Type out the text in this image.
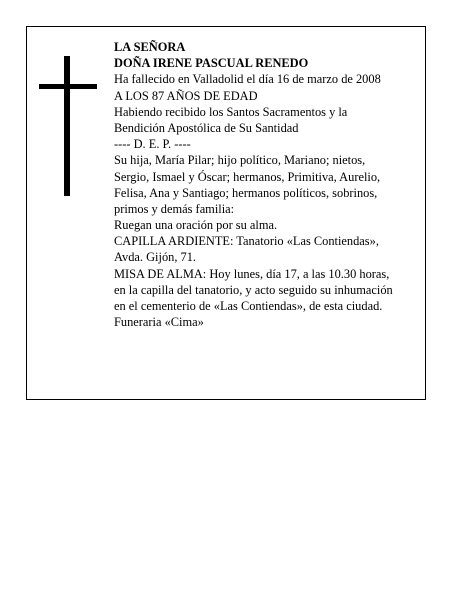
LA SEÑORA
DOÑA IRENE PASCUAL RENEDO
Ha fallecido en Valladolid el día 16 de marzo de 2008
A LOS 87 AÑOS DE EDAD
Habiendo recibido los Santos Sacramentos y la
Bendición Apostólica de Su Santidad
---- D. E. P. ----
Su hija, María Pilar; hijo político, Mariano; nietos,
Sergio, Ismael y Óscar; hermanos, Primitiva, Aurelio,
Felisa, Ana y Santiago; hermanos políticos, sobrinos,
primos y demás familia:
Ruegan una oración por su alma.
CAPILLA ARDIENTE: Tanatorio «Las Contiendas»,
Avda. Gijón, 71.
MISA DE ALMA: Hoy lunes, día 17, a las 10.30 horas,
en la capilla del tanatorio, y acto seguido su inhumación
en el cementerio de «Las Contiendas», de esta ciudad.
Funeraria «Cima»
